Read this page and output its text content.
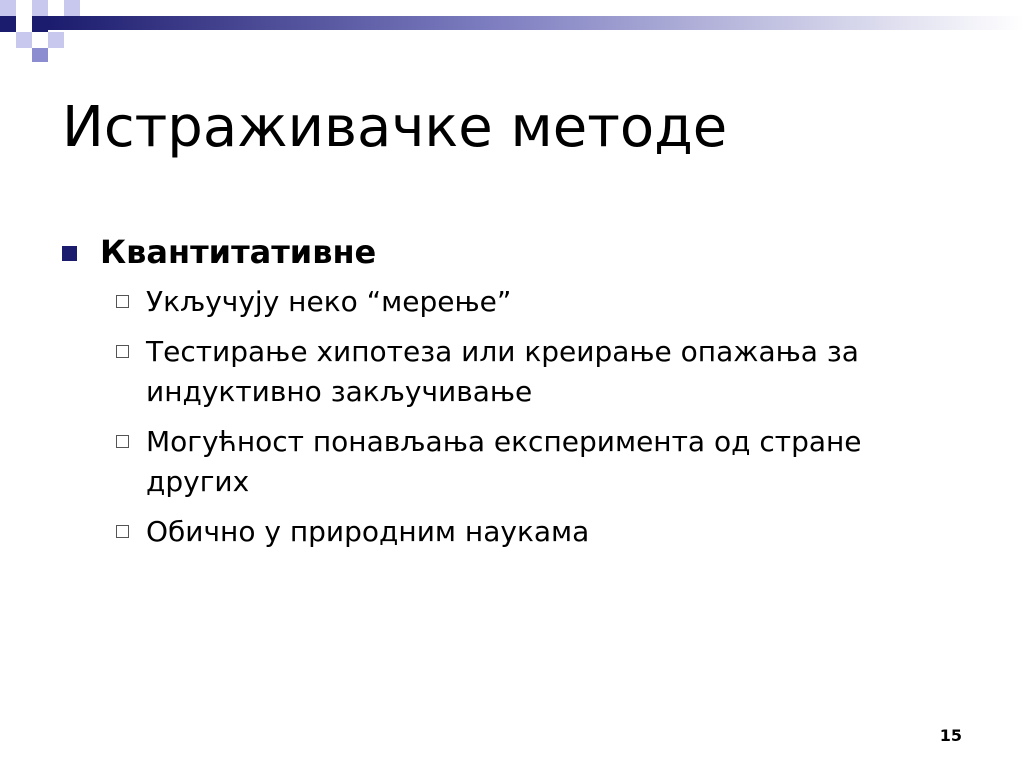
Истраживачке методе
Квантитативне
Укључују неко “мерење”
Тестирање хипотеза или креирање опажања за индуктивно закључивање
Могућност понављања експеримента од стране других
Обично у природним наукама
15
